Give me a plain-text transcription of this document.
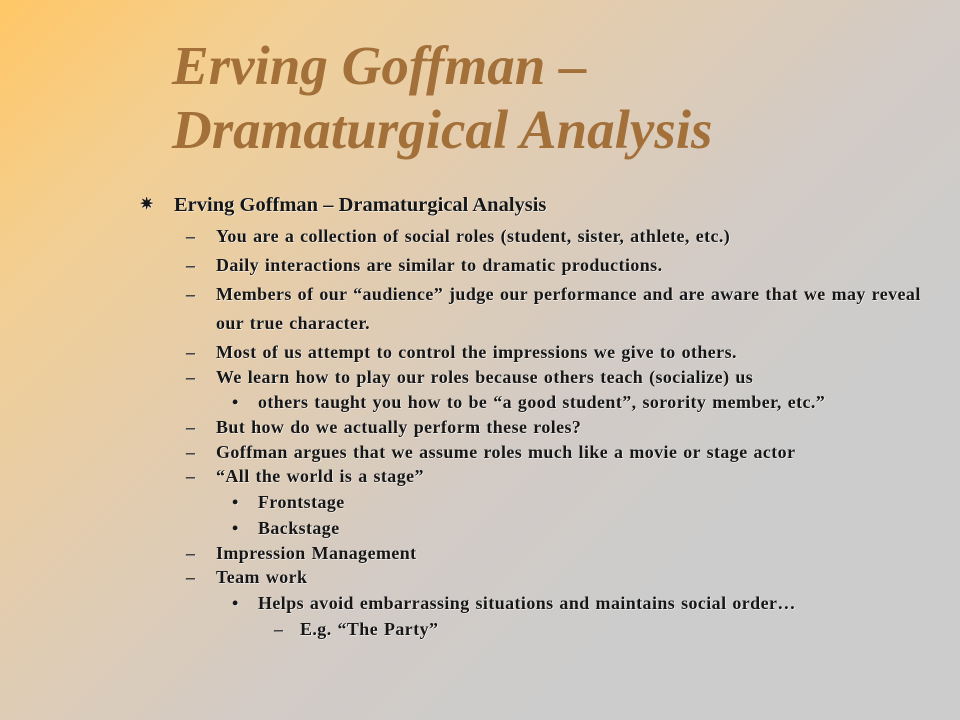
Erving Goffman –
Dramaturgical Analysis
✷ Erving Goffman – Dramaturgical Analysis
– You are a collection of social roles (student, sister, athlete, etc.)
– Daily interactions are similar to dramatic productions.
– Members of our “audience” judge our performance and are aware that we may reveal our true character.
– Most of us attempt to control the impressions we give to others.
– We learn how to play our roles because others teach (socialize) us
• others taught you how to be “a good student”, sorority member, etc.”
– But how do we actually perform these roles?
– Goffman argues that we assume roles much like a movie or stage actor
– “All the world is a stage”
• Frontstage
• Backstage
– Impression Management
– Team work
• Helps avoid embarrassing situations and maintains social order…
– E.g. “The Party”
